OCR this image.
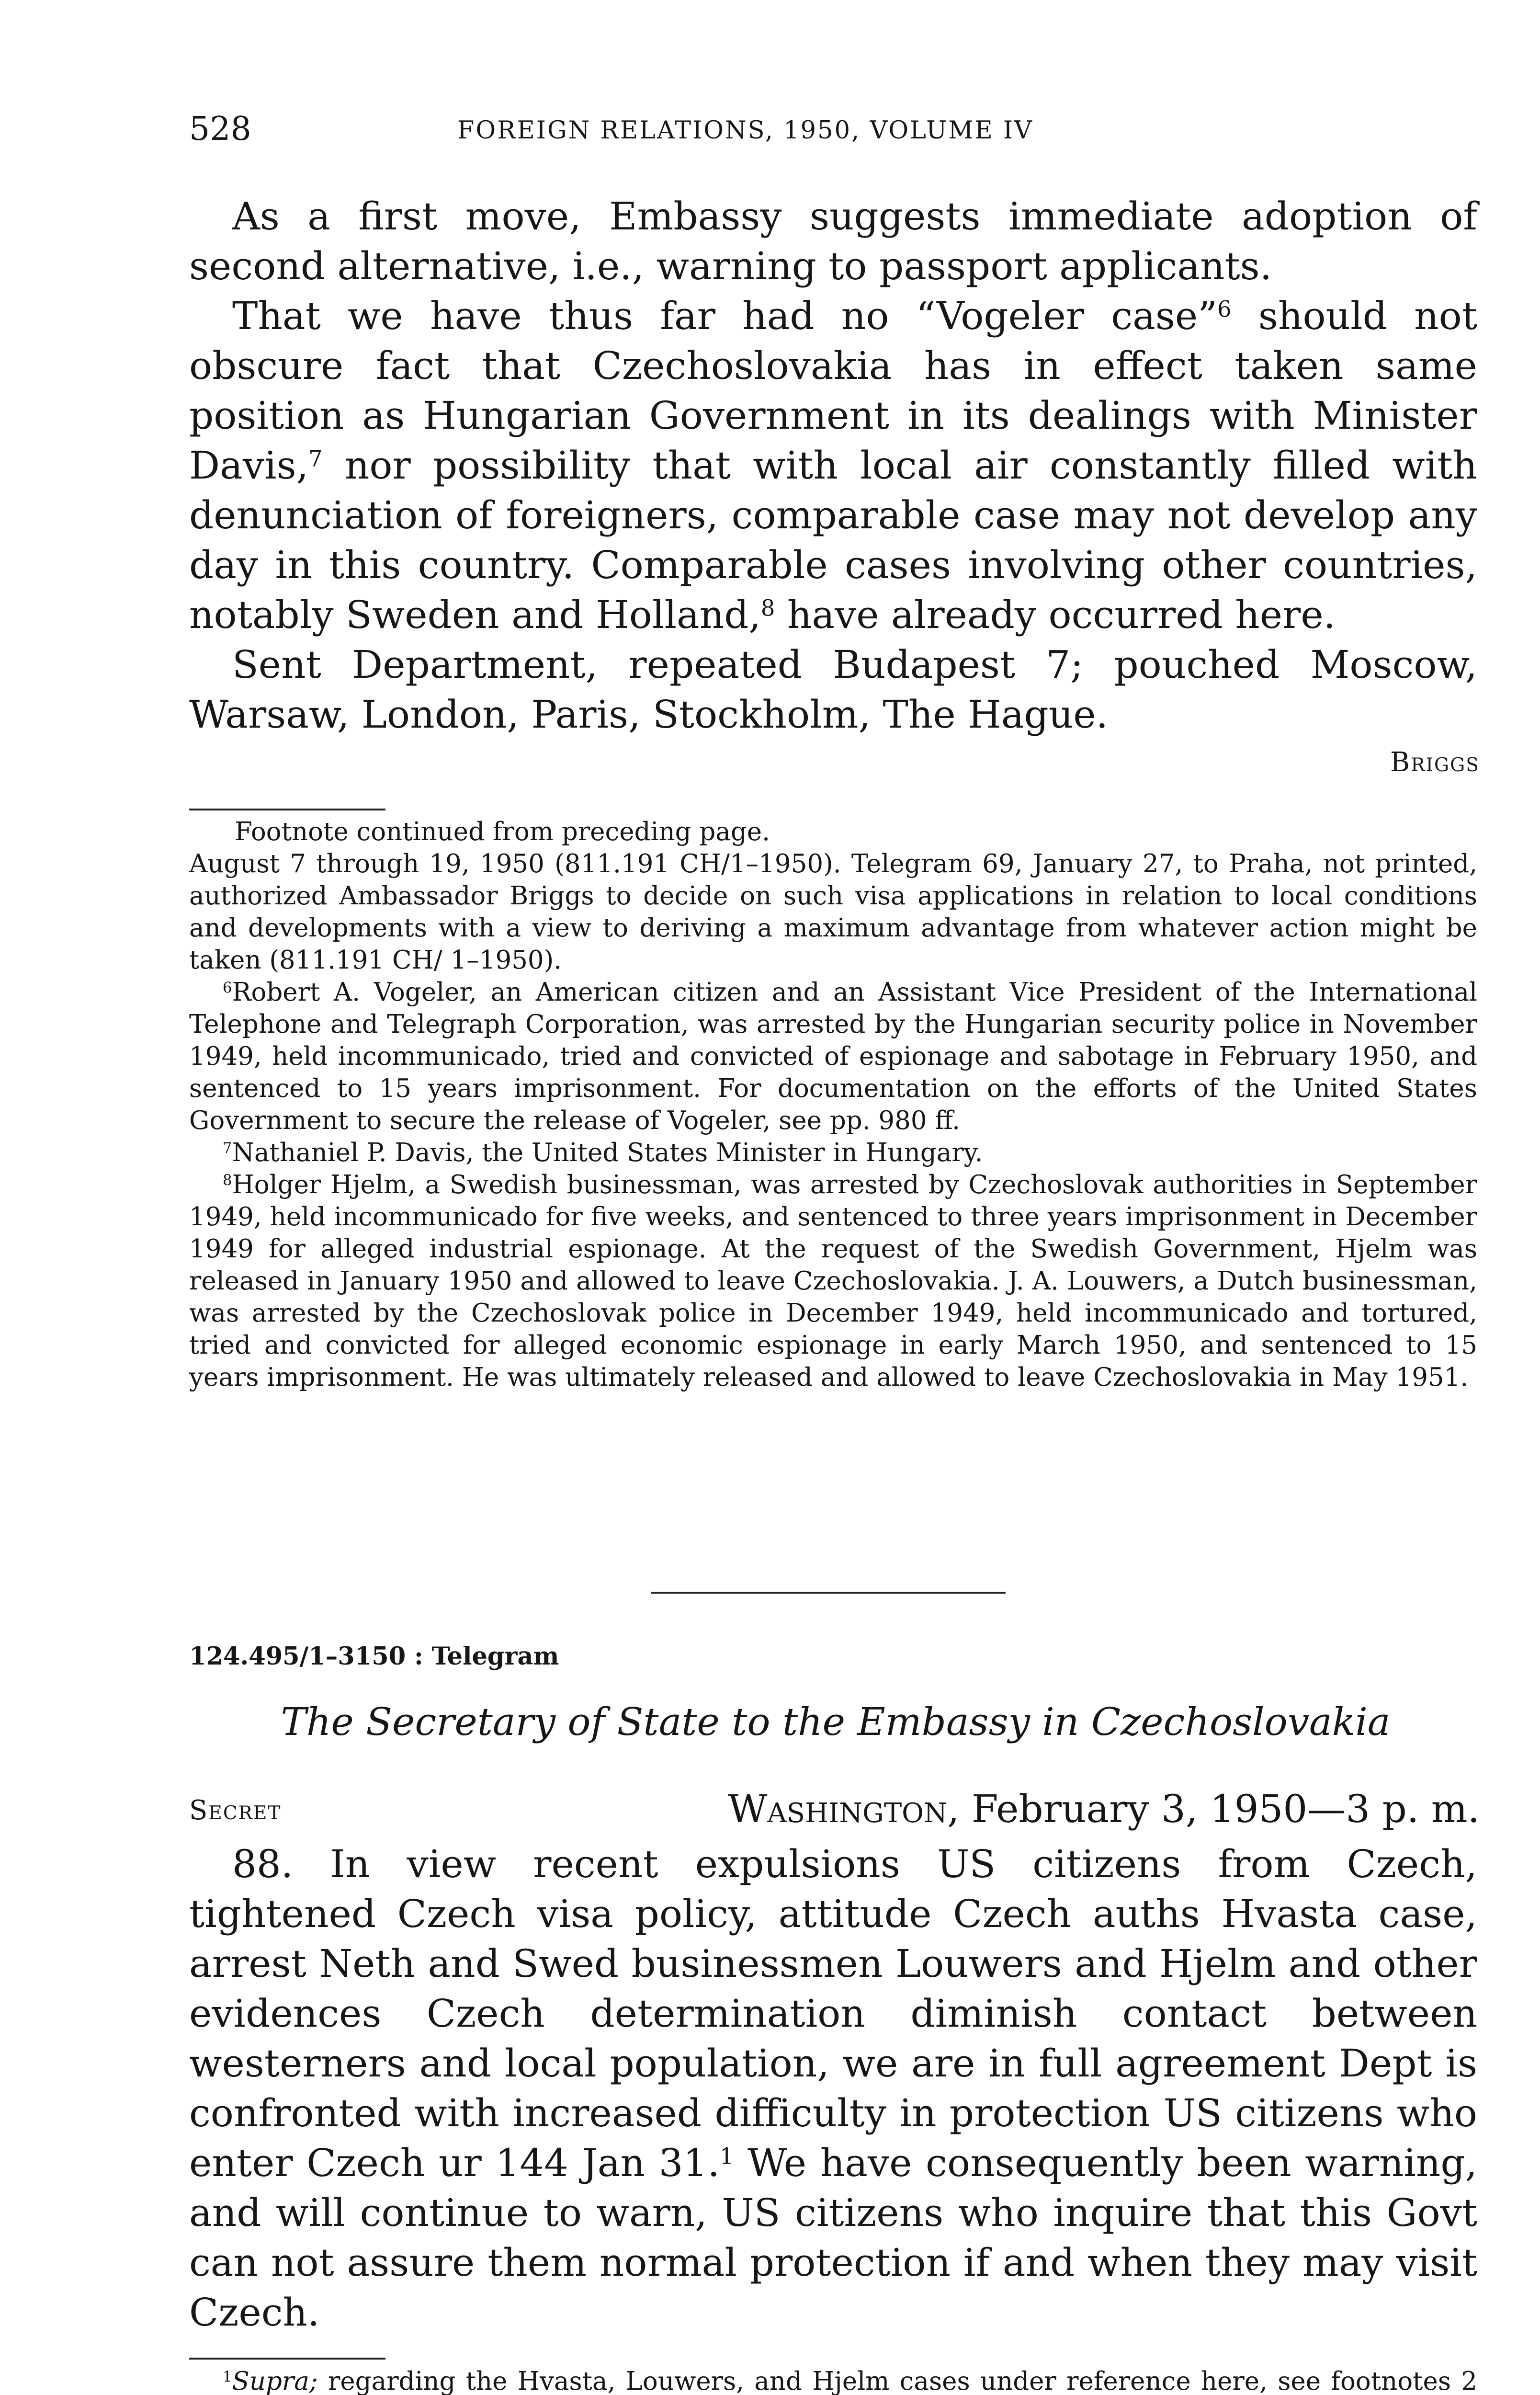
528	FOREIGN RELATIONS, 1950, VOLUME IV

As a first move, Embassy suggests immediate adoption of second alternative, i.e., warning to passport applicants.

That we have thus far had no “Vogeler case”$^6$ should not obscure fact that Czechoslovakia has in effect taken same position as Hungarian Government in its dealings with Minister Davis,$^7$ nor possibility that with local air constantly filled with denunciation of foreigners, comparable case may not develop any day in this country. Comparable cases involving other countries, notably Sweden and Holland,$^8$ have already occurred here.

Sent Department, repeated Budapest 7; pouched Moscow, Warsaw, London, Paris, Stockholm, The Hague.

Briggs

Footnote continued from preceding page.

August 7 through 19, 1950 (811.191 CH/1–1950). Telegram 69, January 27, to Praha, not printed, authorized Ambassador Briggs to decide on such visa applications in relation to local conditions and developments with a view to deriving a maximum advantage from whatever action might be taken (811.191 CH/ 1–1950).

$^6$Robert A. Vogeler, an American citizen and an Assistant Vice President of the International Telephone and Telegraph Corporation, was arrested by the Hungarian security police in November 1949, held incommunicado, tried and convicted of espionage and sabotage in February 1950, and sentenced to 15 years imprisonment. For documentation on the efforts of the United States Government to secure the release of Vogeler, see pp. 980 ff.

$^7$Nathaniel P. Davis, the United States Minister in Hungary.

$^8$Holger Hjelm, a Swedish businessman, was arrested by Czechoslovak authorities in September 1949, held incommunicado for five weeks, and sentenced to three years imprisonment in December 1949 for alleged industrial espionage. At the request of the Swedish Government, Hjelm was released in January 1950 and allowed to leave Czechoslovakia. J. A. Louwers, a Dutch businessman, was arrested by the Czechoslovak police in December 1949, held incommunicado and tortured, tried and convicted for alleged economic espionage in early March 1950, and sentenced to 15 years imprisonment. He was ultimately released and allowed to leave Czechoslovakia in May 1951.

124.495/1–3150 : Telegram
The Secretary of State to the Embassy in Czechoslovakia
Secret	Washington, February 3, 1950—3 p. m.

88. In view recent expulsions US citizens from Czech, tightened Czech visa policy, attitude Czech auths Hvasta case, arrest Neth and Swed businessmen Louwers and Hjelm and other evidences Czech determination diminish contact between westerners and local population, we are in full agreement Dept is confronted with increased difficulty in protection US citizens who enter Czech ur 144 Jan 31.$^1$ We have consequently been warning, and will continue to warn, US citizens who inquire that this Govt can not assure them normal protection if and when they may visit Czech.

$^1$Supra; regarding the Hvasta, Louwers, and Hjelm cases under reference here, see footnotes 2
